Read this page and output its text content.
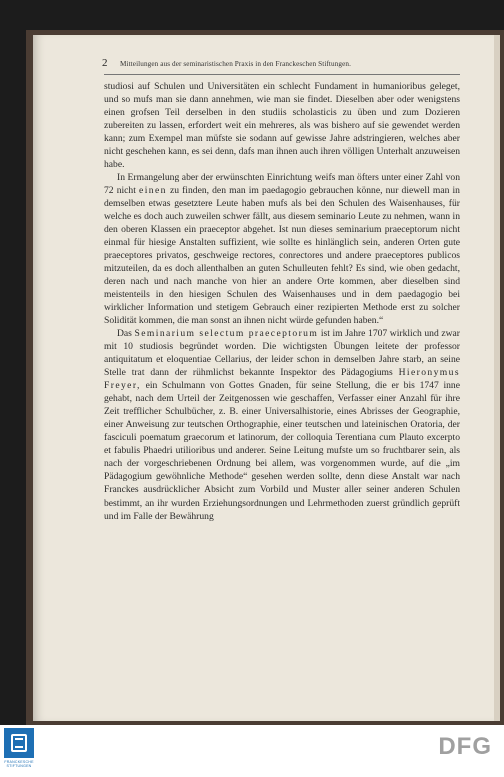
2 Mitteilungen aus der seminaristischen Praxis in den Franckeschen Stiftungen.

studiosi auf Schulen und Universitäten ein schlecht Fundament in humanioribus geleget, und so mufs man sie dann annehmen, wie man sie findet. Dieselben aber oder wenigstens einen grofsen Teil derselben in den studiis scholasticis zu üben und zum Dozieren zubereiten zu lassen, erfordert weit ein mehreres, als was bishero auf sie gewendet werden kann; zum Exempel man müfste sie sodann auf gewisse Jahre adstringieren, welches aber nicht geschehen kann, es sei denn, dafs man ihnen auch ihren völligen Unterhalt anzuweisen habe.

In Ermangelung aber der erwünschten Einrichtung weifs man öfters unter einer Zahl von 72 nicht einen zu finden, den man im paedagogio gebrauchen könne, nur diewell man in demselben etwas gesetztere Leute haben mufs als bei den Schulen des Waisenhauses, für welche es doch auch zuweilen schwer fällt, aus diesem seminario Leute zu nehmen, wann in den oberen Klassen ein praeceptor abgehet. Ist nun dieses seminarium praeceptorum nicht einmal für hiesige Anstalten suffizient, wie sollte es hinlänglich sein, anderen Orten gute praeceptores privatos, geschweige rectores, conrectores und andere praeceptores publicos mitzuteilen, da es doch allenthalben an guten Schulleuten fehlt? Es sind, wie oben gedacht, deren nach und nach manche von hier an andere Orte kommen, aber dieselben sind meistenteils in den hiesigen Schulen des Waisenhauses und in dem paedagogio bei wirklicher Information und stetigem Gebrauch einer rezipierten Methode erst zu solcher Solidität kommen, die man sonst an ihnen nicht würde gefunden haben.“

Das Seminarium selectum praeceptorum ist im Jahre 1707 wirklich und zwar mit 10 studiosis begründet worden. Die wichtigsten Übungen leitete der professor antiquitatum et eloquentiae Cellarius, der leider schon in demselben Jahre starb, an seine Stelle trat dann der rühmlichst bekannte Inspektor des Pädagogiums Hieronymus Freyer, ein Schulmann von Gottes Gnaden, für seine Stellung, die er bis 1747 inne gehabt, nach dem Urteil der Zeitgenossen wie geschaffen, Verfasser einer Anzahl für ihre Zeit trefflicher Schulbücher, z. B. einer Universalhistorie, eines Abrisses der Geographie, einer Anweisung zur teutschen Orthographie, einer teutschen und lateinischen Oratoria, der fasciculi poematum graecorum et latinorum, der colloquia Terentiana cum Plauto excerpto et fabulis Phaedri utilioribus und anderer. Seine Leitung mufste um so fruchtbarer sein, als nach der vorgeschriebenen Ordnung bei allem, was vorgenommen wurde, auf die „im Pädagogium gewöhnliche Methode“ gesehen werden sollte, denn diese Anstalt war nach Franckes ausdrücklicher Absicht zum Vorbild und Muster aller seiner anderen Schulen bestimmt, an ihr wurden Erziehungsordnungen und Lehrmethoden zuerst gründlich geprüft und im Falle der Bewährung

FRANCKESCHE STIFTUNGEN
DFG
